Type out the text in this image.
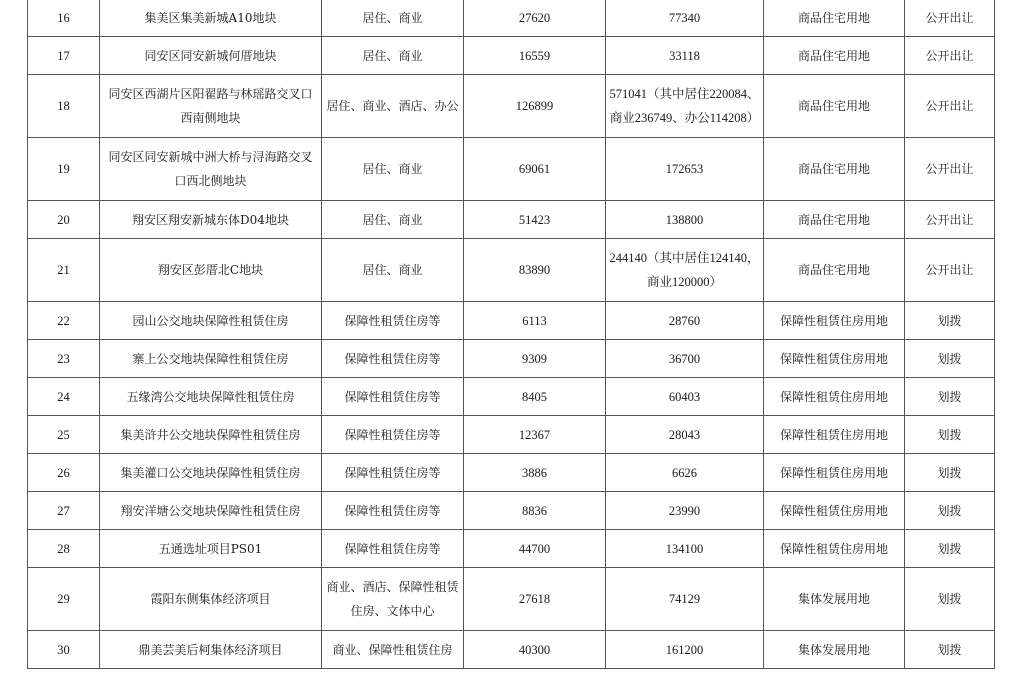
16	集美区集美新城A10地块	居住、商业	27620	77340	商品住宅用地	公开出让

17	同安区同安新城何厝地块	居住、商业	16559	33118	商品住宅用地	公开出让

18	同安区西湖片区阳翟路与林瑶路交叉口
西南侧地块	居住、商业、酒店、办公	126899	571041（其中居住220084、
商业236749、办公114208）	商品住宅用地	公开出让

19	同安区同安新城中洲大桥与浔海路交叉
口西北侧地块	居住、商业	69061	172653	商品住宅用地	公开出让

20	翔安区翔安新城东体D04地块	居住、商业	51423	138800	商品住宅用地	公开出让

21	翔安区彭厝北C地块	居住、商业	83890	244140（其中居住124140，
商业120000）	商品住宅用地	公开出让

22	园山公交地块保障性租赁住房	保障性租赁住房等	6113	28760	保障性租赁住房用地	划拨

23	寨上公交地块保障性租赁住房	保障性租赁住房等	9309	36700	保障性租赁住房用地	划拨

24	五缘湾公交地块保障性租赁住房	保障性租赁住房等	8405	60403	保障性租赁住房用地	划拨

25	集美浒井公交地块保障性租赁住房	保障性租赁住房等	12367	28043	保障性租赁住房用地	划拨

26	集美灌口公交地块保障性租赁住房	保障性租赁住房等	3886	6626	保障性租赁住房用地	划拨

27	翔安洋塘公交地块保障性租赁住房	保障性租赁住房等	8836	23990	保障性租赁住房用地	划拨

28	五通选址项目PS01	保障性租赁住房等	44700	134100	保障性租赁住房用地	划拨

29	霞阳东侧集体经济项目	商业、酒店、保障性租赁
住房、文体中心	27618	74129	集体发展用地	划拨

30	鼎美芸美后柯集体经济项目	商业、保障性租赁住房	40300	161200	集体发展用地	划拨
